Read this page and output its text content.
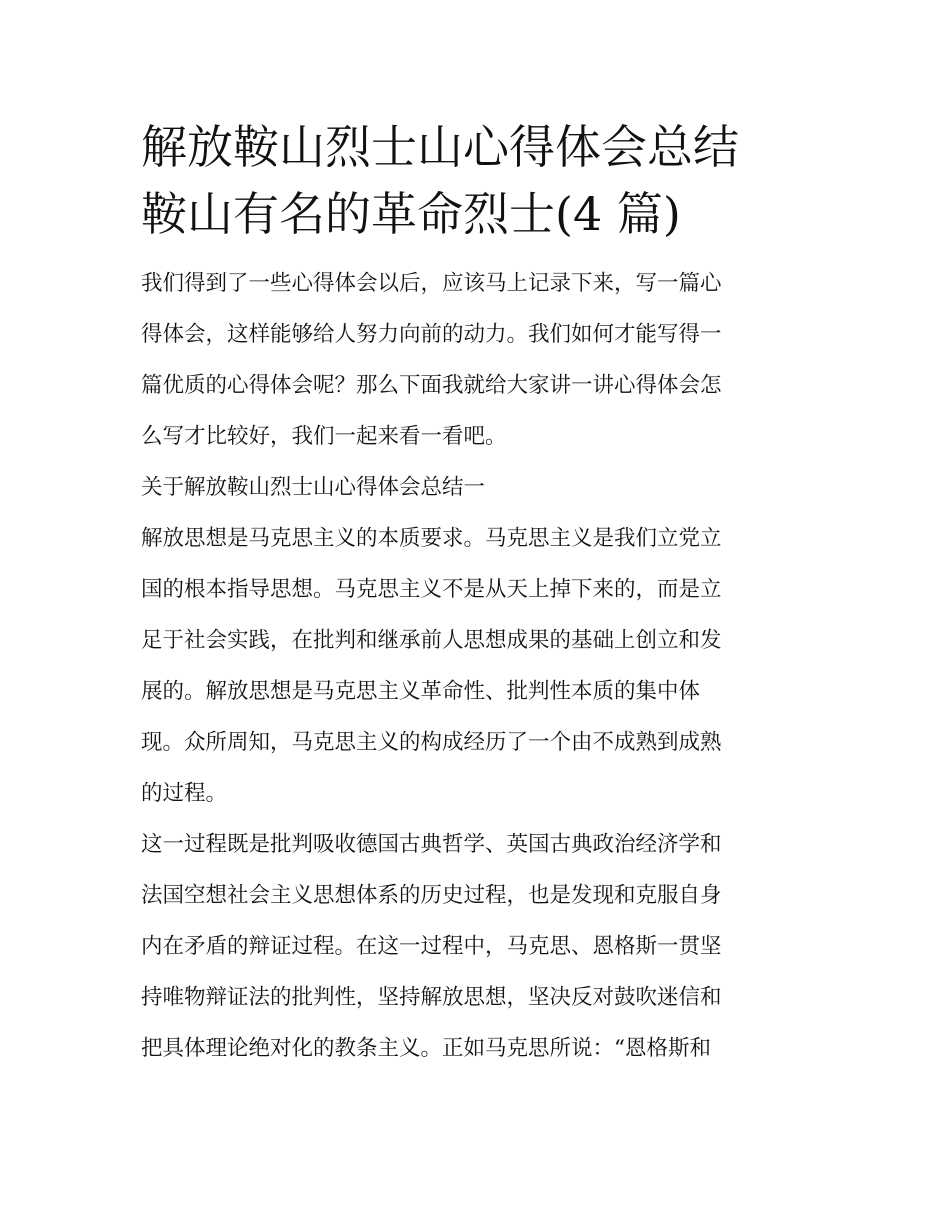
解放鞍山烈士山心得体会总结
鞍山有名的革命烈士(4 篇)
我们得到了一些心得体会以后，应该马上记录下来，写一篇心
得体会，这样能够给人努力向前的动力。我们如何才能写得一
篇优质的心得体会呢？那么下面我就给大家讲一讲心得体会怎
么写才比较好，我们一起来看一看吧。
关于解放鞍山烈士山心得体会总结一
解放思想是马克思主义的本质要求。马克思主义是我们立党立
国的根本指导思想。马克思主义不是从天上掉下来的，而是立
足于社会实践，在批判和继承前人思想成果的基础上创立和发
展的。解放思想是马克思主义革命性、批判性本质的集中体
现。众所周知，马克思主义的构成经历了一个由不成熟到成熟
的过程。
这一过程既是批判吸收德国古典哲学、英国古典政治经济学和
法国空想社会主义思想体系的历史过程，也是发现和克服自身
内在矛盾的辩证过程。在这一过程中，马克思、恩格斯一贯坚
持唯物辩证法的批判性，坚持解放思想，坚决反对鼓吹迷信和
把具体理论绝对化的教条主义。正如马克思所说：“恩格斯和
